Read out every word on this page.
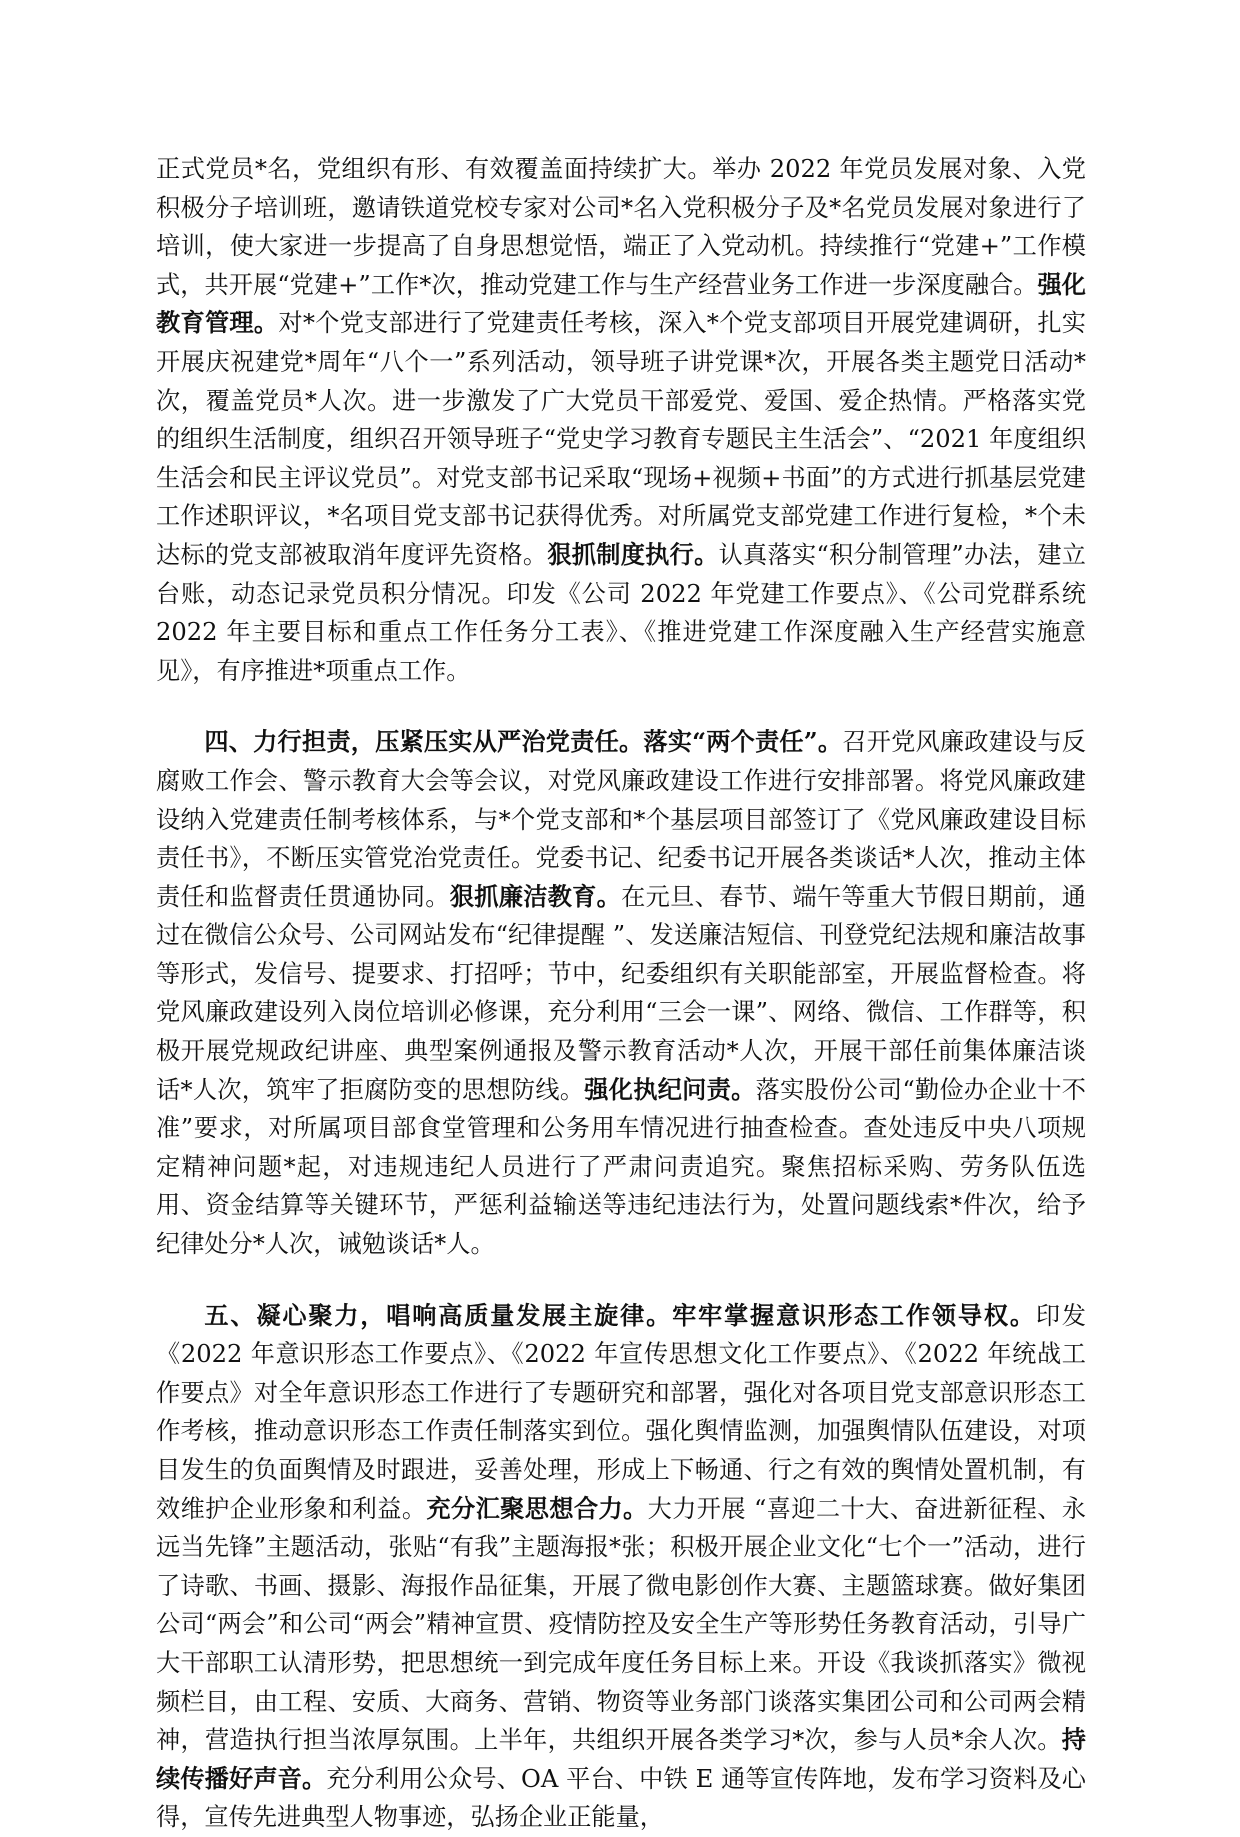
正式党员*名，党组织有形、有效覆盖面持续扩大。举办 2022 年党员发展对象、入党积极分子培训班，邀请铁道党校专家对公司*名入党积极分子及*名党员发展对象进行了培训，使大家进一步提高了自身思想觉悟，端正了入党动机。持续推行“党建+”工作模式，共开展“党建+”工作*次，推动党建工作与生产经营业务工作进一步深度融合。强化教育管理。对*个党支部进行了党建责任考核，深入*个党支部项目开展党建调研，扎实开展庆祝建党*周年“八个一”系列活动，领导班子讲党课*次，开展各类主题党日活动*次，覆盖党员*人次。进一步激发了广大党员干部爱党、爱国、爱企热情。严格落实党的组织生活制度，组织召开领导班子“党史学习教育专题民主生活会”、“2021 年度组织生活会和民主评议党员”。对党支部书记采取“现场+视频+书面”的方式进行抓基层党建工作述职评议，*名项目党支部书记获得优秀。对所属党支部党建工作进行复检，*个未达标的党支部被取消年度评先资格。狠抓制度执行。认真落实“积分制管理”办法，建立台账，动态记录党员积分情况。印发《公司 2022 年党建工作要点》、《公司党群系统 2022 年主要目标和重点工作任务分工表》、《推进党建工作深度融入生产经营实施意见》，有序推进*项重点工作。

四、力行担责，压紧压实从严治党责任。落实“两个责任”。召开党风廉政建设与反腐败工作会、警示教育大会等会议，对党风廉政建设工作进行安排部署。将党风廉政建设纳入党建责任制考核体系，与*个党支部和*个基层项目部签订了《党风廉政建设目标责任书》，不断压实管党治党责任。党委书记、纪委书记开展各类谈话*人次，推动主体责任和监督责任贯通协同。狠抓廉洁教育。在元旦、春节、端午等重大节假日期前，通过在微信公众号、公司网站发布“纪律提醒 ”、发送廉洁短信、刊登党纪法规和廉洁故事等形式，发信号、提要求、打招呼；节中，纪委组织有关职能部室，开展监督检查。将党风廉政建设列入岗位培训必修课，充分利用“三会一课”、网络、微信、工作群等，积极开展党规政纪讲座、典型案例通报及警示教育活动*人次，开展干部任前集体廉洁谈话*人次，筑牢了拒腐防变的思想防线。强化执纪问责。落实股份公司“勤俭办企业十不准”要求，对所属项目部食堂管理和公务用车情况进行抽查检查。查处违反中央八项规定精神问题*起，对违规违纪人员进行了严肃问责追究。聚焦招标采购、劳务队伍选用、资金结算等关键环节，严惩利益输送等违纪违法行为，处置问题线索*件次，给予纪律处分*人次，诫勉谈话*人。

五、凝心聚力，唱响高质量发展主旋律。牢牢掌握意识形态工作领导权。印发《2022 年意识形态工作要点》、《2022 年宣传思想文化工作要点》、《2022 年统战工作要点》对全年意识形态工作进行了专题研究和部署，强化对各项目党支部意识形态工作考核，推动意识形态工作责任制落实到位。强化舆情监测，加强舆情队伍建设，对项目发生的负面舆情及时跟进，妥善处理，形成上下畅通、行之有效的舆情处置机制，有效维护企业形象和利益。充分汇聚思想合力。大力开展 “喜迎二十大、奋进新征程、永远当先锋”主题活动，张贴“有我”主题海报*张；积极开展企业文化“七个一”活动，进行了诗歌、书画、摄影、海报作品征集，开展了微电影创作大赛、主题篮球赛。做好集团公司“两会”和公司“两会”精神宣贯、疫情防控及安全生产等形势任务教育活动，引导广大干部职工认清形势，把思想统一到完成年度任务目标上来。开设《我谈抓落实》微视频栏目，由工程、安质、大商务、营销、物资等业务部门谈落实集团公司和公司两会精神，营造执行担当浓厚氛围。上半年，共组织开展各类学习*次，参与人员*余人次。持续传播好声音。充分利用公众号、OA 平台、中铁 E 通等宣传阵地，发布学习资料及心得，宣传先进典型人物事迹，弘扬企业正能量，
